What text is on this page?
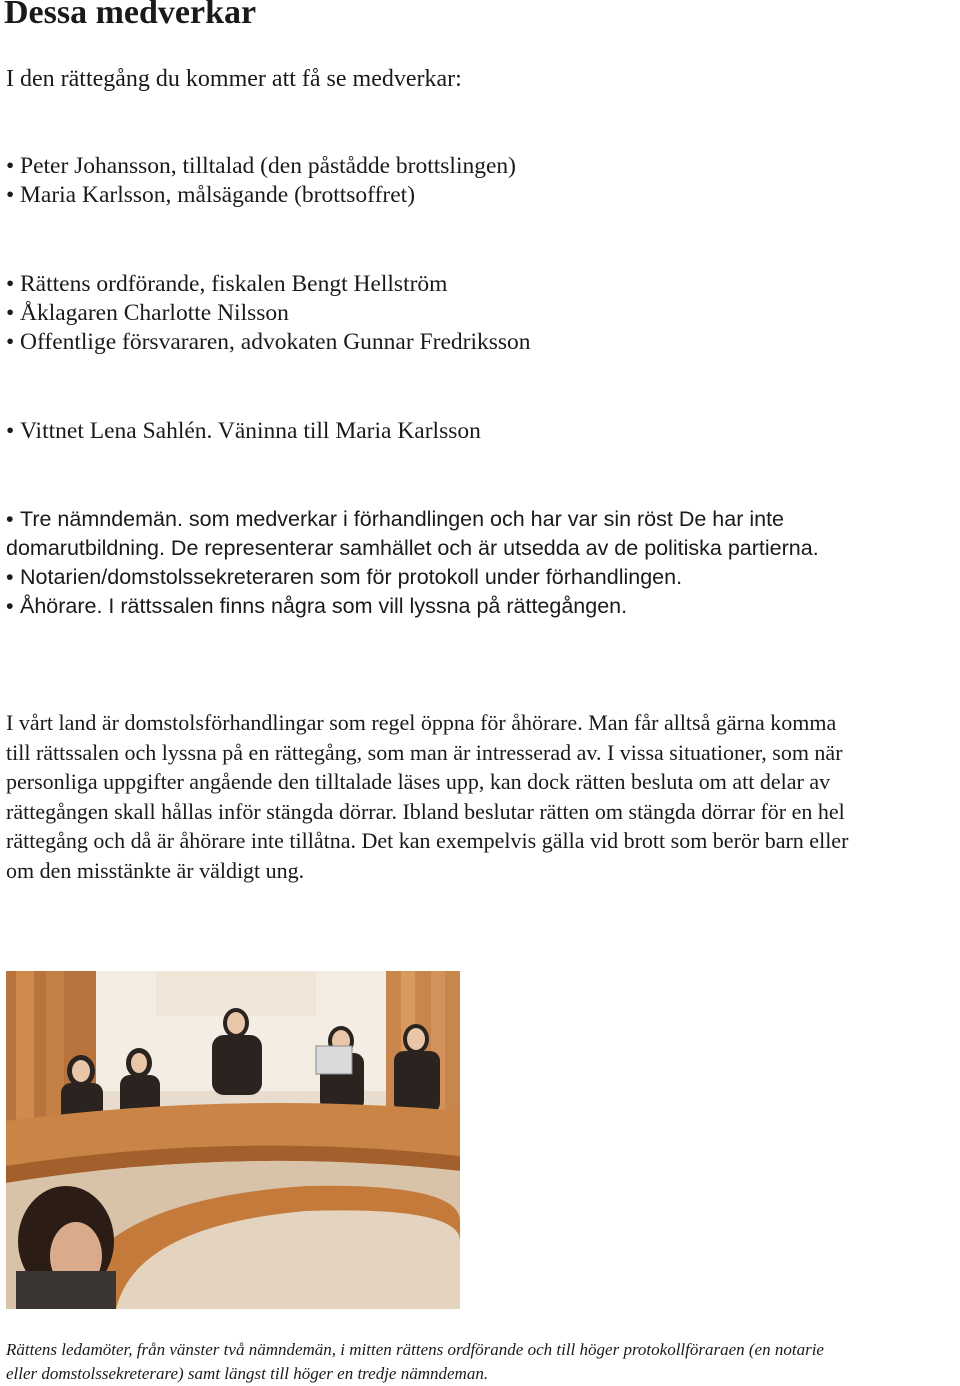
Dessa medverkar
I den rättegång du kommer att få se medverkar:
• Peter Johansson, tilltalad (den påstådde brottslingen)
• Maria Karlsson, målsägande (brottsoffret)
• Rättens ordförande, fiskalen Bengt Hellström
• Åklagaren Charlotte Nilsson
• Offentlige försvararen, advokaten Gunnar Fredriksson
• Vittnet Lena Sahlén. Väninna till Maria Karlsson
• Tre nämndemän. som medverkar i förhandlingen och har var sin röst De har inte
domarutbildning. De representerar samhället och är utsedda av de politiska partierna.
• Notarien/domstolssekreteraren som för protokoll under förhandlingen.
• Åhörare. I rättssalen finns några som vill lyssna på rättegången.

I vårt land är domstolsförhandlingar som regel öppna för åhörare. Man får alltså gärna komma
till rättssalen och lyssna på en rättegång, som man är intresserad av. I vissa situationer, som när
personliga uppgifter angående den tilltalade läses upp, kan dock rätten besluta om att delar av
rättegången skall hållas inför stängda dörrar. Ibland beslutar rätten om stängda dörrar för en hel
rättegång och då är åhörare inte tillåtna. Det kan exempelvis gälla vid brott som berör barn eller
om den misstänkte är väldigt ung.

Rättens ledamöter, från vänster två nämndemän, i mitten rättens ordförande och till höger protokollföraraen (en notarie
eller domstolssekreterare) samt längst till höger en tredje nämndeman.
